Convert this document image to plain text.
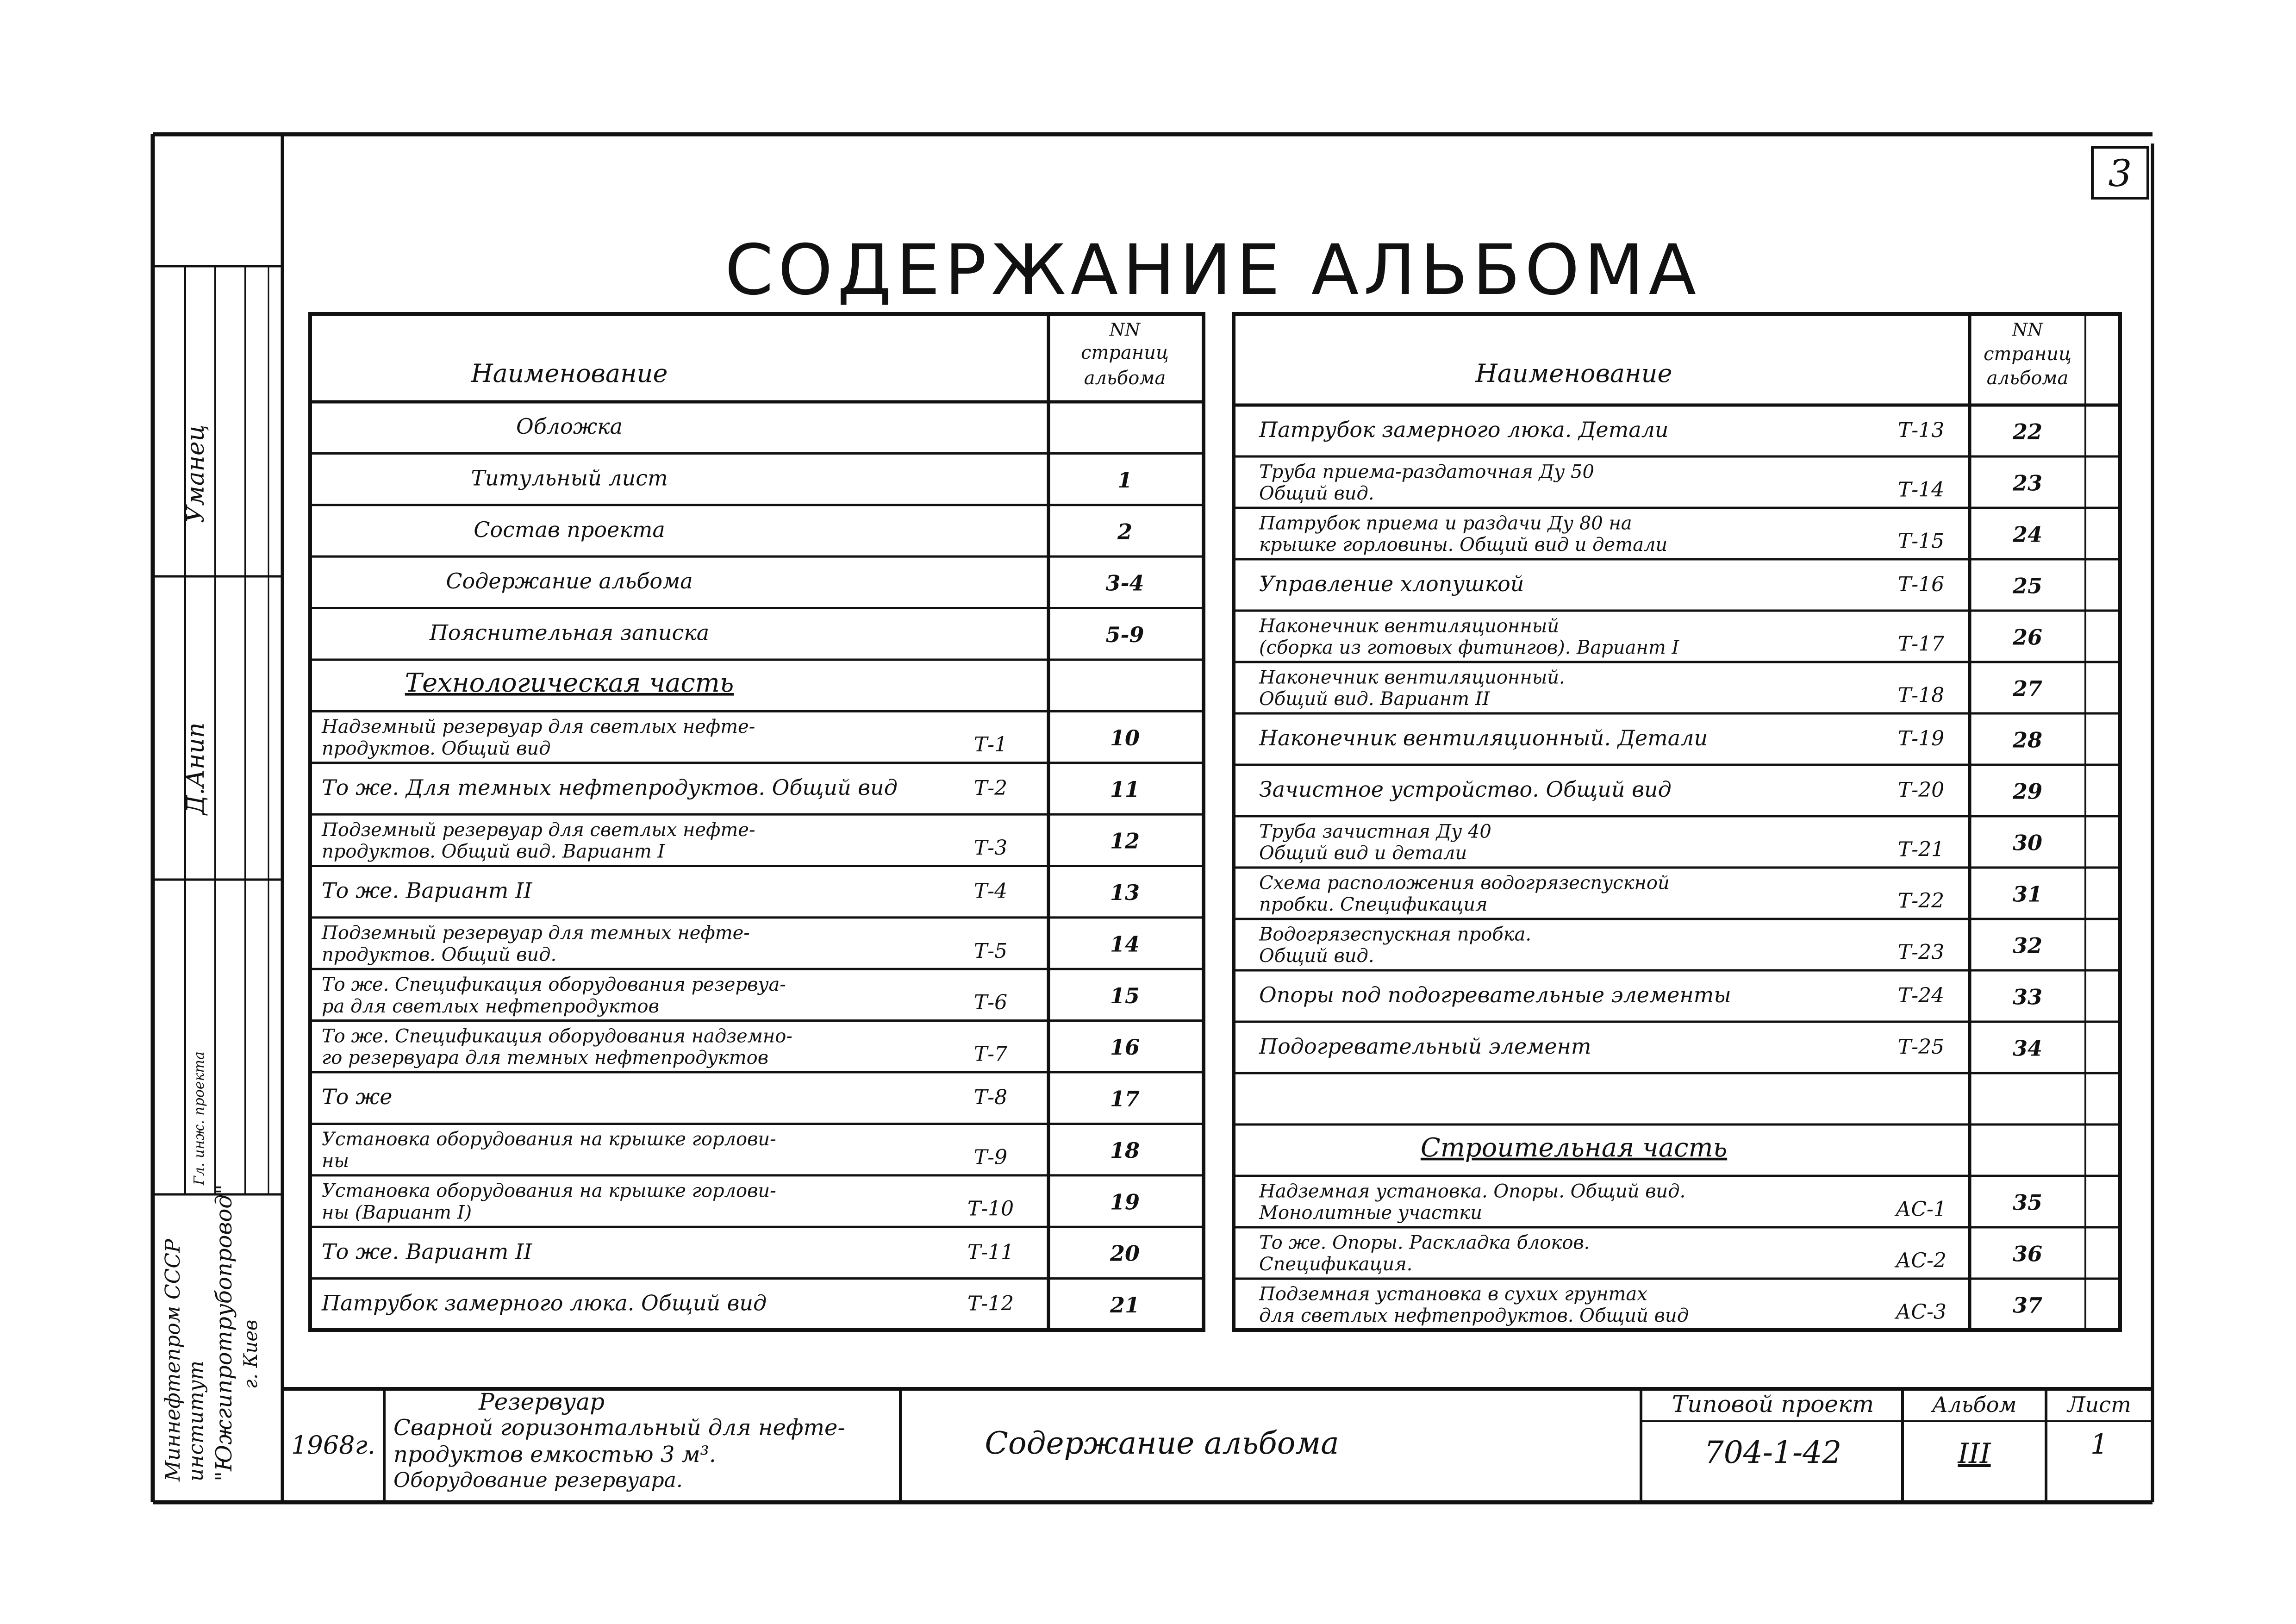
3
СОДЕРЖАНИЕ АЛЬБОМА
Уманец
Д.Анип
Гл. инж. проекта
Миннефтепром СССР институт "Южгипротрубопровод" г. Киев
Наименование
NN
страниц
альбома
Обложка
Титульный лист	1
Состав проекта	2
Содержание альбома	3-4
Пояснительная записка	5-9
Технологическая часть
Надземный резервуар для светлых нефте-
продуктов. Общий вид	Т-1	10
То же. Для темных нефтепродуктов. Общий вид	Т-2	11
Подземный резервуар для светлых нефте-
продуктов. Общий вид. Вариант I	Т-3	12
То же. Вариант II	Т-4	13
Подземный резервуар для темных нефте-
продуктов. Общий вид.	Т-5	14
То же. Спецификация оборудования резервуа-
ра для светлых нефтепродуктов	Т-6	15
То же. Спецификация оборудования надземно-
го резервуара для темных нефтепродуктов	Т-7	16
То же	Т-8	17
Установка оборудования на крышке горлови-
ны	Т-9	18
Установка оборудования на крышке горлови-
ны (Вариант I)	Т-10	19
То же. Вариант II	Т-11	20
Патрубок замерного люка. Общий вид	Т-12	21
Наименование
NN
страниц
альбома
Патрубок замерного люка. Детали	Т-13	22
Труба приема-раздаточная Ду 50
Общий вид.	Т-14	23
Патрубок приема и раздачи Ду 80 на
крышке горловины. Общий вид и детали	Т-15	24
Управление хлопушкой	Т-16	25
Наконечник вентиляционный
(сборка из готовых фитингов). Вариант I	Т-17	26
Наконечник вентиляционный.
Общий вид. Вариант II	Т-18	27
Наконечник вентиляционный. Детали	Т-19	28
Зачистное устройство. Общий вид	Т-20	29
Труба зачистная Ду 40
Общий вид и детали	Т-21	30
Схема расположения водогрязеспускной
пробки. Спецификация	Т-22	31
Водогрязеспускная пробка.
Общий вид.	Т-23	32
Опоры под подогревательные элементы	Т-24	33
Подогревательный элемент	Т-25	34
Строительная часть
Надземная установка. Опоры. Общий вид.
Монолитные участки	АС-1	35
То же. Опоры. Раскладка блоков.
Спецификация.	АС-2	36
Подземная установка в сухих грунтах
для светлых нефтепродуктов. Общий вид	АС-3	37
1968г.
Резервуар
Сварной горизонтальный для нефте-
продуктов емкостью 3 м³.
Оборудование резервуара.
Содержание альбома
Типовой проект
704-1-42
Альбом
III
Лист
1
